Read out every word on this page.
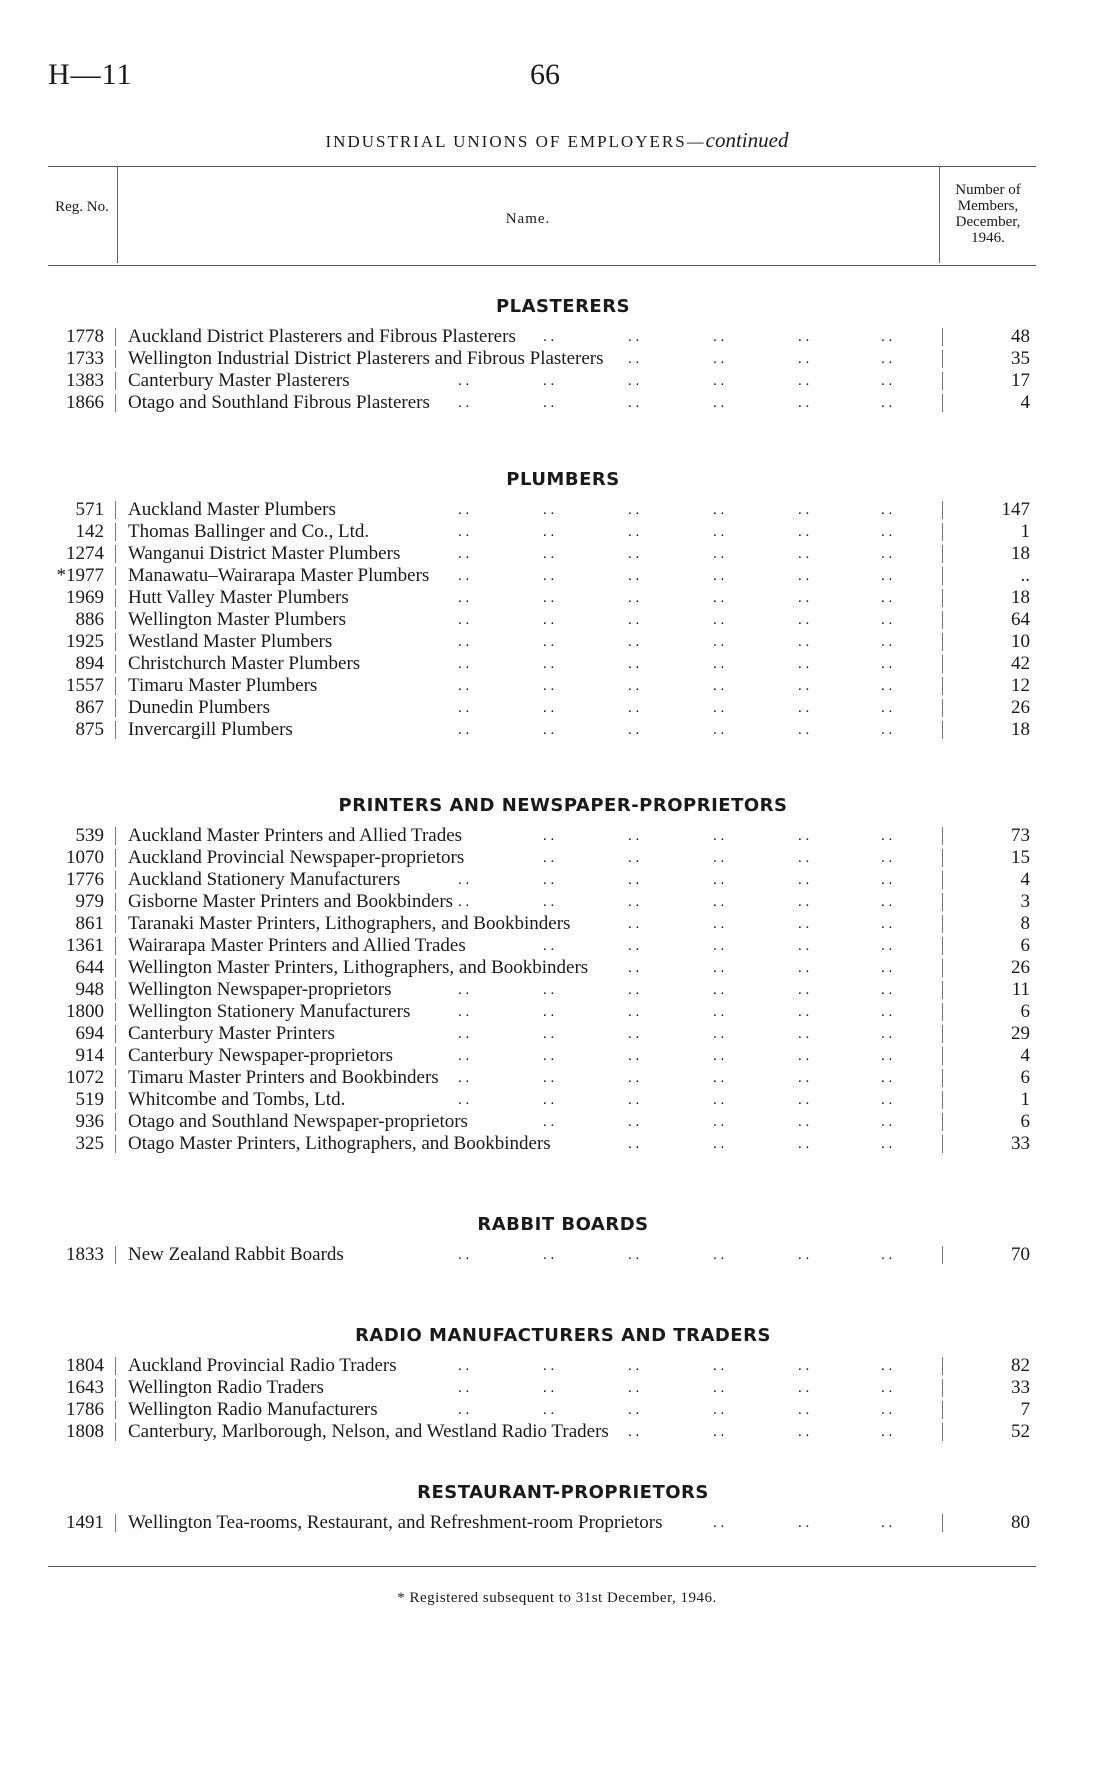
H—11	66
INDUSTRIAL UNIONS OF EMPLOYERS—continued
Reg. No.
Name.
Number of
Members,
December,
1946.
PLASTERERS
1778 Auckland District Plasterers and Fibrous Plasterers	. .	. .	. .	. .	. .	48
1733 Wellington Industrial District Plasterers and Fibrous Plasterers	. .	. .	. .	. .	35
1383 Canterbury Master Plasterers	. .	. .	. .	. .	. .	. .	17
1866 Otago and Southland Fibrous Plasterers	. .	. .	. .	. .	. .	. .	4
PLUMBERS
571 Auckland Master Plumbers	. .	. .	. .	. .	. .	. .	147
142 Thomas Ballinger and Co., Ltd.	. .	. .	. .	. .	. .	. .	1
1274 Wanganui District Master Plumbers	. .	. .	. .	. .	. .	. .	18
*1977 Manawatu–Wairarapa Master Plumbers	. .	. .	. .	. .	. .	. .	..
1969 Hutt Valley Master Plumbers	. .	. .	. .	. .	. .	. .	18
886 Wellington Master Plumbers	. .	. .	. .	. .	. .	. .	64
1925 Westland Master Plumbers	. .	. .	. .	. .	. .	. .	10
894 Christchurch Master Plumbers	. .	. .	. .	. .	. .	. .	42
1557 Timaru Master Plumbers	. .	. .	. .	. .	. .	. .	12
867 Dunedin Plumbers	. .	. .	. .	. .	. .	. .	26
875 Invercargill Plumbers	. .	. .	. .	. .	. .	. .	18
PRINTERS AND NEWSPAPER-PROPRIETORS
539 Auckland Master Printers and Allied Trades	. .	. .	. .	. .	. .	73
1070 Auckland Provincial Newspaper-proprietors	. .	. .	. .	. .	. .	15
1776 Auckland Stationery Manufacturers	. .	. .	. .	. .	. .	. .	4
979 Gisborne Master Printers and Bookbinders . .	. .	. .	. .	. .	. .	3
861 Taranaki Master Printers, Lithographers, and Bookbinders	. .	. .	. .	. .	8
1361 Wairarapa Master Printers and Allied Trades	. .	. .	. .	. .	. .	6
644 Wellington Master Printers, Lithographers, and Bookbinders	. .	. .	. .	. .	26
948 Wellington Newspaper-proprietors	. .	. .	. .	. .	. .	. .	11
1800 Wellington Stationery Manufacturers	. .	. .	. .	. .	. .	. .	6
694 Canterbury Master Printers	. .	. .	. .	. .	. .	. .	29
914 Canterbury Newspaper-proprietors	. .	. .	. .	. .	. .	. .	4
1072 Timaru Master Printers and Bookbinders	. .	. .	. .	. .	. .	. .	6
519 Whitcombe and Tombs, Ltd.	. .	. .	. .	. .	. .	. .	1
936 Otago and Southland Newspaper-proprietors	. .	. .	. .	. .	. .	6
325 Otago Master Printers, Lithographers, and Bookbinders	. .	. .	. .	. .	33
RABBIT BOARDS
1833 New Zealand Rabbit Boards	. .	. .	. .	. .	. .	. .	70
RADIO MANUFACTURERS AND TRADERS
1804 Auckland Provincial Radio Traders	. .	. .	. .	. .	. .	. .	82
1643 Wellington Radio Traders	. .	. .	. .	. .	. .	. .	33
1786 Wellington Radio Manufacturers	. .	. .	. .	. .	. .	. .	7
1808 Canterbury, Marlborough, Nelson, and Westland Radio Traders	. .	. .	. .	. .	52
RESTAURANT-PROPRIETORS
1491 Wellington Tea-rooms, Restaurant, and Refreshment-room Proprietors	. .	. .	. .	80
* Registered subsequent to 31st December, 1946.
